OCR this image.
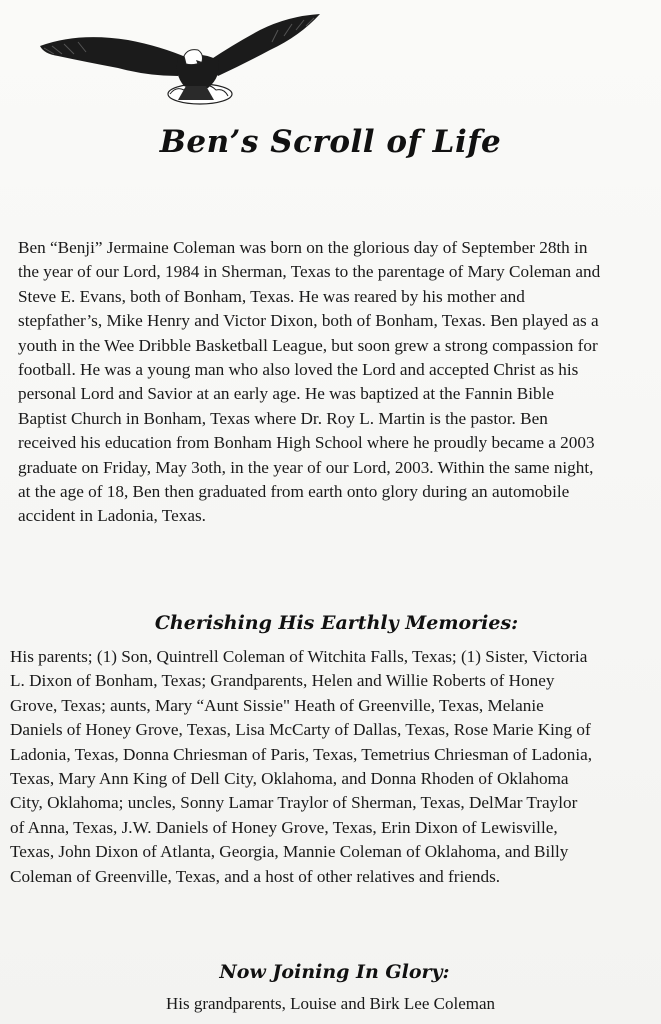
Ben’s Scroll of Life
Ben “Benji” Jermaine Coleman was born on the glorious day of September 28th in
the year of our Lord, 1984 in Sherman, Texas to the parentage of Mary Coleman and
Steve E. Evans, both of Bonham, Texas. He was reared by his mother and
stepfather’s, Mike Henry and Victor Dixon, both of Bonham, Texas. Ben played as a
youth in the Wee Dribble Basketball League, but soon grew a strong compassion for
football. He was a young man who also loved the Lord and accepted Christ as his
personal Lord and Savior at an early age. He was baptized at the Fannin Bible
Baptist Church in Bonham, Texas where Dr. Roy L. Martin is the pastor. Ben
received his education from Bonham High School where he proudly became a 2003
graduate on Friday, May 3oth, in the year of our Lord, 2003. Within the same night,
at the age of 18, Ben then graduated from earth onto glory during an automobile
accident in Ladonia, Texas.
Cherishing His Earthly Memories:
His parents; (1) Son, Quintrell Coleman of Witchita Falls, Texas; (1) Sister, Victoria
L. Dixon of Bonham, Texas; Grandparents, Helen and Willie Roberts of Honey
Grove, Texas; aunts, Mary “Aunt Sissie" Heath of Greenville, Texas, Melanie
Daniels of Honey Grove, Texas, Lisa McCarty of Dallas, Texas, Rose Marie King of
Ladonia, Texas, Donna Chriesman of Paris, Texas, Temetrius Chriesman of Ladonia,
Texas, Mary Ann King of Dell City, Oklahoma, and Donna Rhoden of Oklahoma
City, Oklahoma; uncles, Sonny Lamar Traylor of Sherman, Texas, DelMar Traylor
of Anna, Texas, J.W. Daniels of Honey Grove, Texas, Erin Dixon of Lewisville,
Texas, John Dixon of Atlanta, Georgia, Mannie Coleman of Oklahoma, and Billy
Coleman of Greenville, Texas, and a host of other relatives and friends.
Now Joining In Glory:
His grandparents, Louise and Birk Lee Coleman
